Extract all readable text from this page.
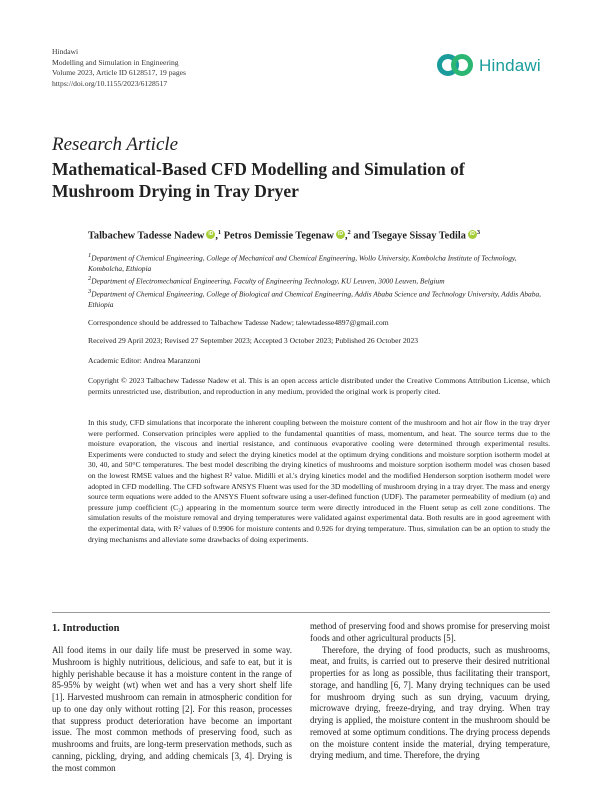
Hindawi
Modelling and Simulation in Engineering
Volume 2023, Article ID 6128517, 19 pages
https://doi.org/10.1155/2023/6128517
Hindawi
Research Article
Mathematical-Based CFD Modelling and Simulation of Mushroom Drying in Tray Dryer
Talbachew Tadesse Nadew iD ,$^1$ Petros Demissie Tegenaw iD ,$^2$ and Tsegaye Sissay Tedila iD $^3$
$^1$Department of Chemical Engineering, College of Mechanical and Chemical Engineering, Wollo University, Kombolcha Institute of Technology, Kombolcha, Ethiopia
$^2$Department of Electromechanical Engineering, Faculty of Engineering Technology, KU Leuven, 3000 Leuven, Belgium
$^3$Department of Chemical Engineering, College of Biological and Chemical Engineering, Addis Ababa Science and Technology University, Addis Ababa, Ethiopia
Correspondence should be addressed to Talbachew Tadesse Nadew; talewtadesse4897@gmail.com
Received 29 April 2023; Revised 27 September 2023; Accepted 3 October 2023; Published 26 October 2023
Academic Editor: Andrea Maranzoni
Copyright © 2023 Talbachew Tadesse Nadew et al. This is an open access article distributed under the Creative Commons Attribution License, which permits unrestricted use, distribution, and reproduction in any medium, provided the original work is properly cited.
In this study, CFD simulations that incorporate the inherent coupling between the moisture content of the mushroom and hot air flow in the tray dryer were performed. Conservation principles were applied to the fundamental quantities of mass, momentum, and heat. The source terms due to the moisture evaporation, the viscous and inertial resistance, and continuous evaporative cooling were determined through experimental results. Experiments were conducted to study and select the drying kinetics model at the optimum drying conditions and moisture sorption isotherm model at 30, 40, and 50°C temperatures. The best model describing the drying kinetics of mushrooms and moisture sorption isotherm model was chosen based on the lowest RMSE values and the highest R² value. Midilli et al.'s drying kinetics model and the modified Henderson sorption isotherm model were adopted in CFD modelling. The CFD software ANSYS Fluent was used for the 3D modelling of mushroom drying in a tray dryer. The mass and energy source term equations were added to the ANSYS Fluent software using a user-defined function (UDF). The parameter permeability of medium (α) and pressure jump coefficient (C₂) appearing in the momentum source term were directly introduced in the Fluent setup as cell zone conditions. The simulation results of the moisture removal and drying temperatures were validated against experimental data. Both results are in good agreement with the experimental data, with R² values of 0.9906 for moisture contents and 0.926 for drying temperature. Thus, simulation can be an option to study the drying mechanisms and alleviate some drawbacks of doing experiments.
1. Introduction

All food items in our daily life must be preserved in some way. Mushroom is highly nutritious, delicious, and safe to eat, but it is highly perishable because it has a moisture content in the range of 85-95% by weight (wt) when wet and has a very short shelf life [1]. Harvested mushroom can remain in atmospheric condition for up to one day only without rotting [2]. For this reason, processes that suppress product deterioration have become an important issue. The most common methods of preserving food, such as mushrooms and fruits, are long-term preservation methods, such as canning, pickling, drying, and adding chemicals [3, 4]. Drying is the most common

method of preserving food and shows promise for preserving moist foods and other agricultural products [5].

Therefore, the drying of food products, such as mushrooms, meat, and fruits, is carried out to preserve their desired nutritional properties for as long as possible, thus facilitating their transport, storage, and handling [6, 7]. Many drying techniques can be used for mushroom drying such as sun drying, vacuum drying, microwave drying, freeze-drying, and tray drying. When tray drying is applied, the moisture content in the mushroom should be removed at some optimum conditions. The drying process depends on the moisture content inside the material, drying temperature, drying medium, and time. Therefore, the drying
